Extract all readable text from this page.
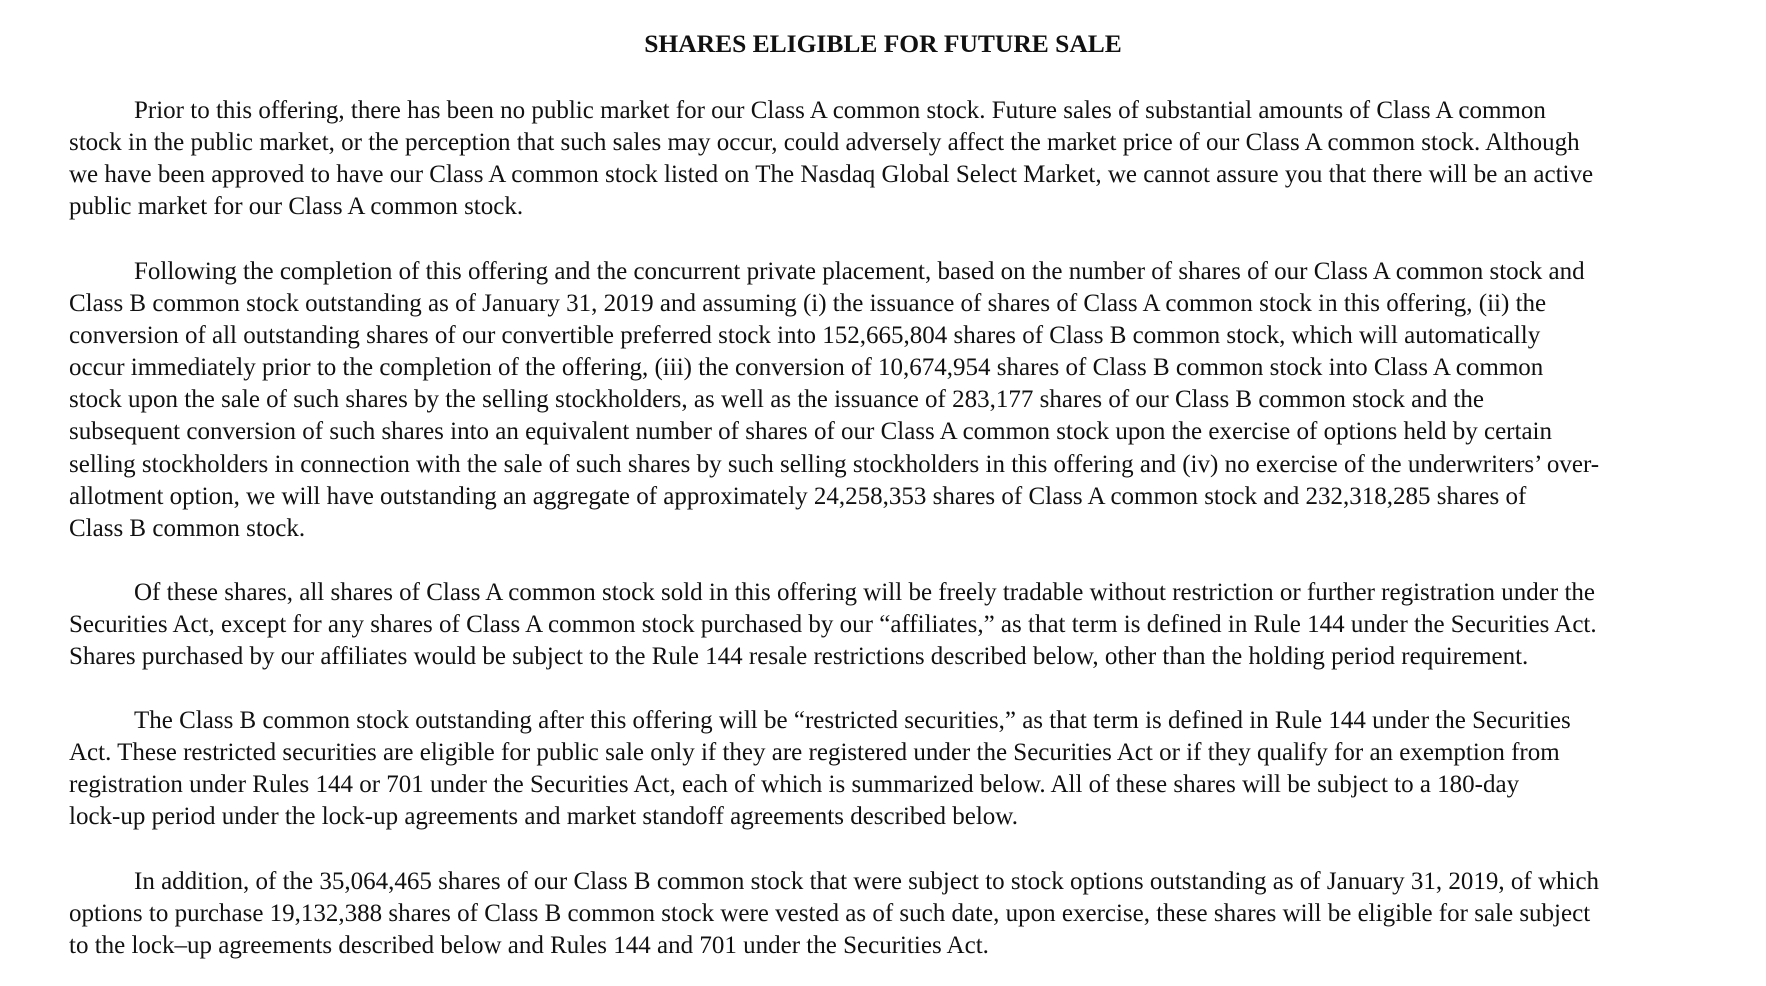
SHARES ELIGIBLE FOR FUTURE SALE

Prior to this offering, there has been no public market for our Class A common stock. Future sales of substantial amounts of Class A common
stock in the public market, or the perception that such sales may occur, could adversely affect the market price of our Class A common stock. Although
we have been approved to have our Class A common stock listed on The Nasdaq Global Select Market, we cannot assure you that there will be an active
public market for our Class A common stock.

Following the completion of this offering and the concurrent private placement, based on the number of shares of our Class A common stock and
Class B common stock outstanding as of January 31, 2019 and assuming (i) the issuance of shares of Class A common stock in this offering, (ii) the
conversion of all outstanding shares of our convertible preferred stock into 152,665,804 shares of Class B common stock, which will automatically
occur immediately prior to the completion of the offering, (iii) the conversion of 10,674,954 shares of Class B common stock into Class A common
stock upon the sale of such shares by the selling stockholders, as well as the issuance of 283,177 shares of our Class B common stock and the
subsequent conversion of such shares into an equivalent number of shares of our Class A common stock upon the exercise of options held by certain
selling stockholders in connection with the sale of such shares by such selling stockholders in this offering and (iv) no exercise of the underwriters’ over-
allotment option, we will have outstanding an aggregate of approximately 24,258,353 shares of Class A common stock and 232,318,285 shares of
Class B common stock.

Of these shares, all shares of Class A common stock sold in this offering will be freely tradable without restriction or further registration under the
Securities Act, except for any shares of Class A common stock purchased by our “affiliates,” as that term is defined in Rule 144 under the Securities Act.
Shares purchased by our affiliates would be subject to the Rule 144 resale restrictions described below, other than the holding period requirement.

The Class B common stock outstanding after this offering will be “restricted securities,” as that term is defined in Rule 144 under the Securities
Act. These restricted securities are eligible for public sale only if they are registered under the Securities Act or if they qualify for an exemption from
registration under Rules 144 or 701 under the Securities Act, each of which is summarized below. All of these shares will be subject to a 180-day
lock-up period under the lock-up agreements and market standoff agreements described below.

In addition, of the 35,064,465 shares of our Class B common stock that were subject to stock options outstanding as of January 31, 2019, of which
options to purchase 19,132,388 shares of Class B common stock were vested as of such date, upon exercise, these shares will be eligible for sale subject
to the lock–up agreements described below and Rules 144 and 701 under the Securities Act.
